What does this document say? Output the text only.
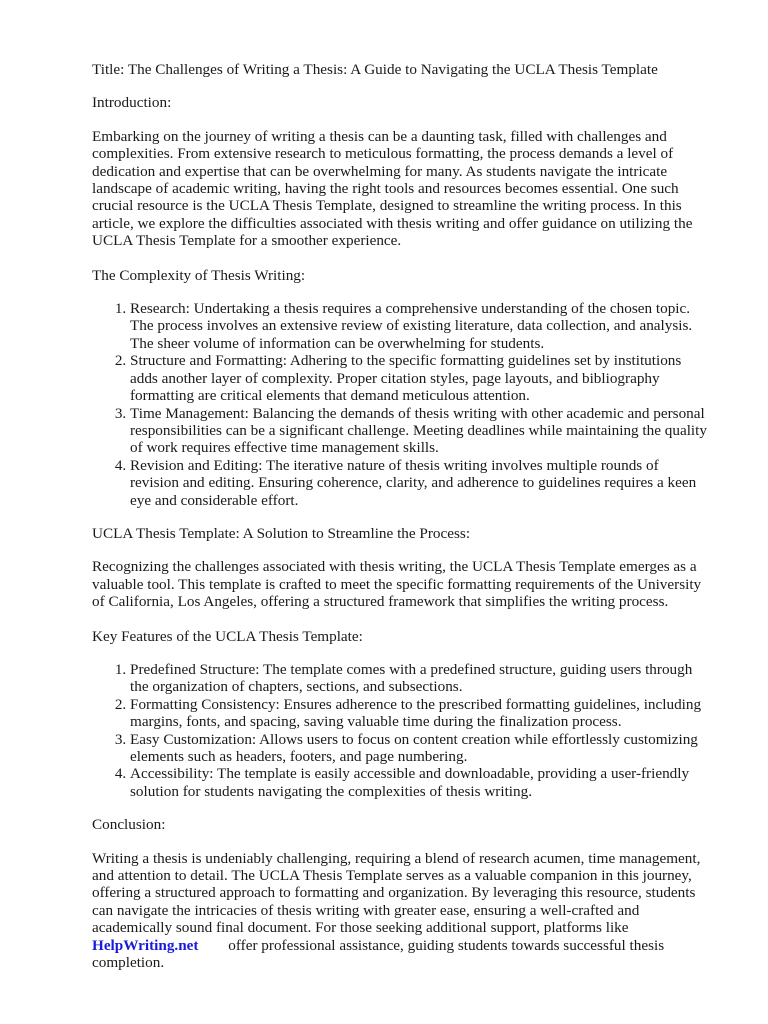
Title: The Challenges of Writing a Thesis: A Guide to Navigating the UCLA Thesis Template

Introduction:

Embarking on the journey of writing a thesis can be a daunting task, filled with challenges and complexities. From extensive research to meticulous formatting, the process demands a level of dedication and expertise that can be overwhelming for many. As students navigate the intricate landscape of academic writing, having the right tools and resources becomes essential. One such crucial resource is the UCLA Thesis Template, designed to streamline the writing process. In this article, we explore the difficulties associated with thesis writing and offer guidance on utilizing the UCLA Thesis Template for a smoother experience.

The Complexity of Thesis Writing:

1. Research: Undertaking a thesis requires a comprehensive understanding of the chosen topic. The process involves an extensive review of existing literature, data collection, and analysis. The sheer volume of information can be overwhelming for students.
2. Structure and Formatting: Adhering to the specific formatting guidelines set by institutions adds another layer of complexity. Proper citation styles, page layouts, and bibliography formatting are critical elements that demand meticulous attention.
3. Time Management: Balancing the demands of thesis writing with other academic and personal responsibilities can be a significant challenge. Meeting deadlines while maintaining the quality of work requires effective time management skills.
4. Revision and Editing: The iterative nature of thesis writing involves multiple rounds of revision and editing. Ensuring coherence, clarity, and adherence to guidelines requires a keen eye and considerable effort.

UCLA Thesis Template: A Solution to Streamline the Process:

Recognizing the challenges associated with thesis writing, the UCLA Thesis Template emerges as a valuable tool. This template is crafted to meet the specific formatting requirements of the University of California, Los Angeles, offering a structured framework that simplifies the writing process.

Key Features of the UCLA Thesis Template:

1. Predefined Structure: The template comes with a predefined structure, guiding users through the organization of chapters, sections, and subsections.
2. Formatting Consistency: Ensures adherence to the prescribed formatting guidelines, including margins, fonts, and spacing, saving valuable time during the finalization process.
3. Easy Customization: Allows users to focus on content creation while effortlessly customizing elements such as headers, footers, and page numbering.
4. Accessibility: The template is easily accessible and downloadable, providing a user-friendly solution for students navigating the complexities of thesis writing.

Conclusion:

Writing a thesis is undeniably challenging, requiring a blend of research acumen, time management, and attention to detail. The UCLA Thesis Template serves as a valuable companion in this journey, offering a structured approach to formatting and organization. By leveraging this resource, students can navigate the intricacies of thesis writing with greater ease, ensuring a well-crafted and academically sound final document. For those seeking additional support, platforms like
HelpWriting.net offer professional assistance, guiding students towards successful thesis completion.
